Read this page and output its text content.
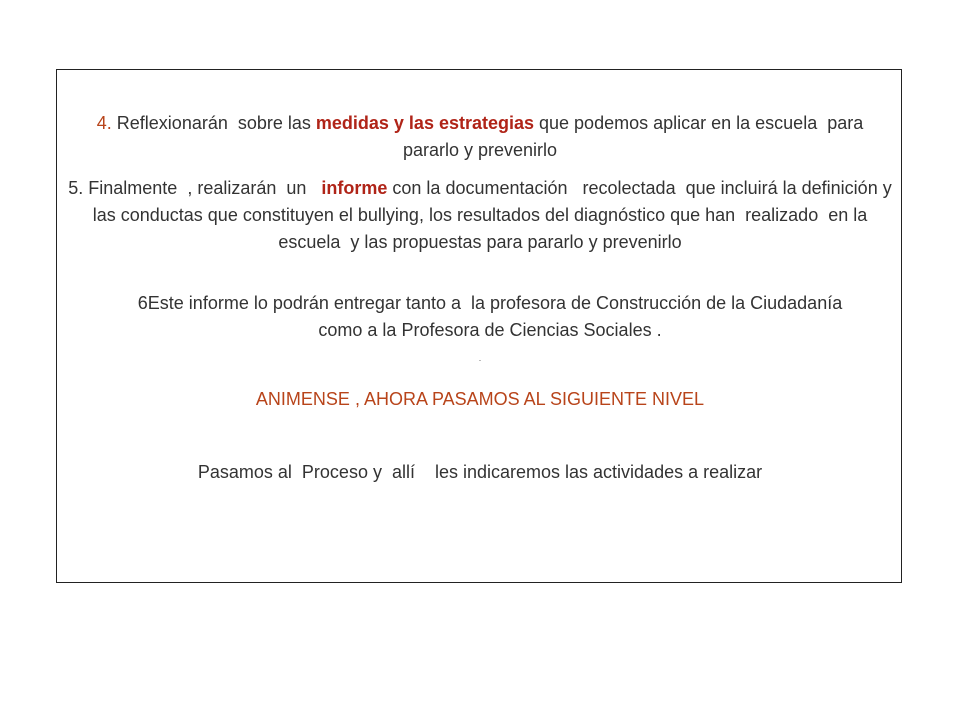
4. Reflexionarán  sobre las medidas y las estrategias que podemos aplicar en la escuela  para pararlo y prevenirlo

5. Finalmente  , realizarán  un   informe con la documentación   recolectada  que incluirá la definición y las conductas que constituyen el bullying, los resultados del diagnóstico que han  realizado  en la escuela  y las propuestas para pararlo y prevenirlo

6Este informe lo podrán entregar tanto a  la profesora de Construcción de la Ciudadanía como a la Profesora de Ciencias Sociales .

.

ANIMENSE , AHORA PASAMOS AL SIGUIENTE NIVEL

Pasamos al  Proceso y  allí    les indicaremos las actividades a realizar
